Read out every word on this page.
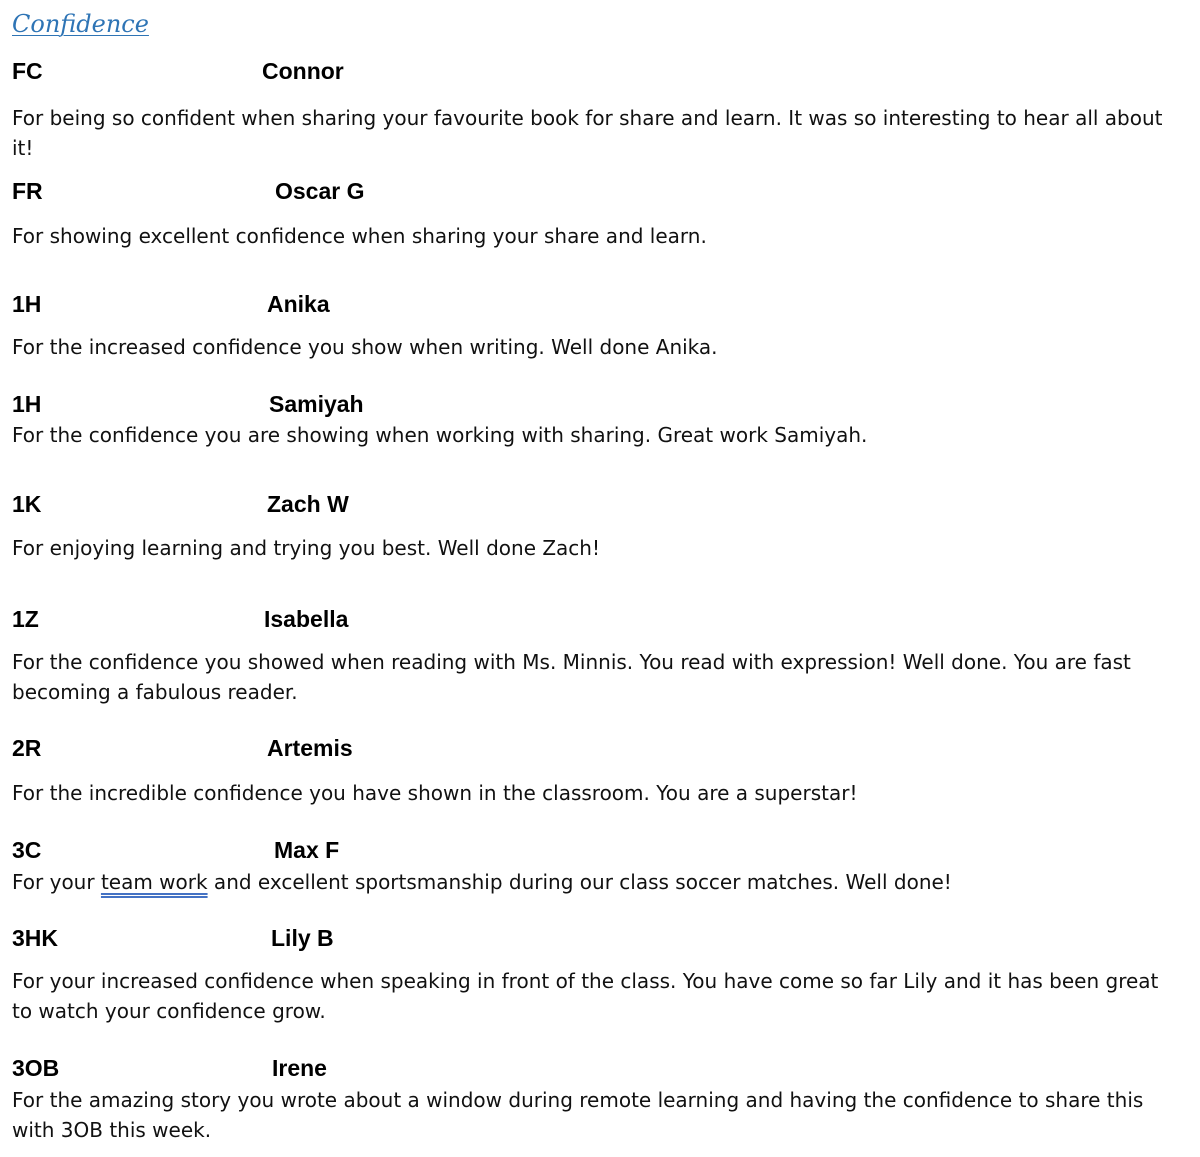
Confidence
FC	Connor
For being so confident when sharing your favourite book for share and learn. It was so interesting to hear all about it!
FR	Oscar G
For showing excellent confidence when sharing your share and learn.
1H	Anika
For the increased confidence you show when writing. Well done Anika.
1H	Samiyah
For the confidence you are showing when working with sharing. Great work Samiyah.
1K	Zach W
For enjoying learning and trying you best. Well done Zach!
1Z	Isabella
For the confidence you showed when reading with Ms. Minnis. You read with expression! Well done. You are fast becoming a fabulous reader.
2R	Artemis
For the incredible confidence you have shown in the classroom. You are a superstar!
3C	Max F
For your team work and excellent sportsmanship during our class soccer matches. Well done!
3HK	Lily B
For your increased confidence when speaking in front of the class. You have come so far Lily and it has been great to watch your confidence grow.
3OB	Irene
For the amazing story you wrote about a window during remote learning and having the confidence to share this with 3OB this week.
